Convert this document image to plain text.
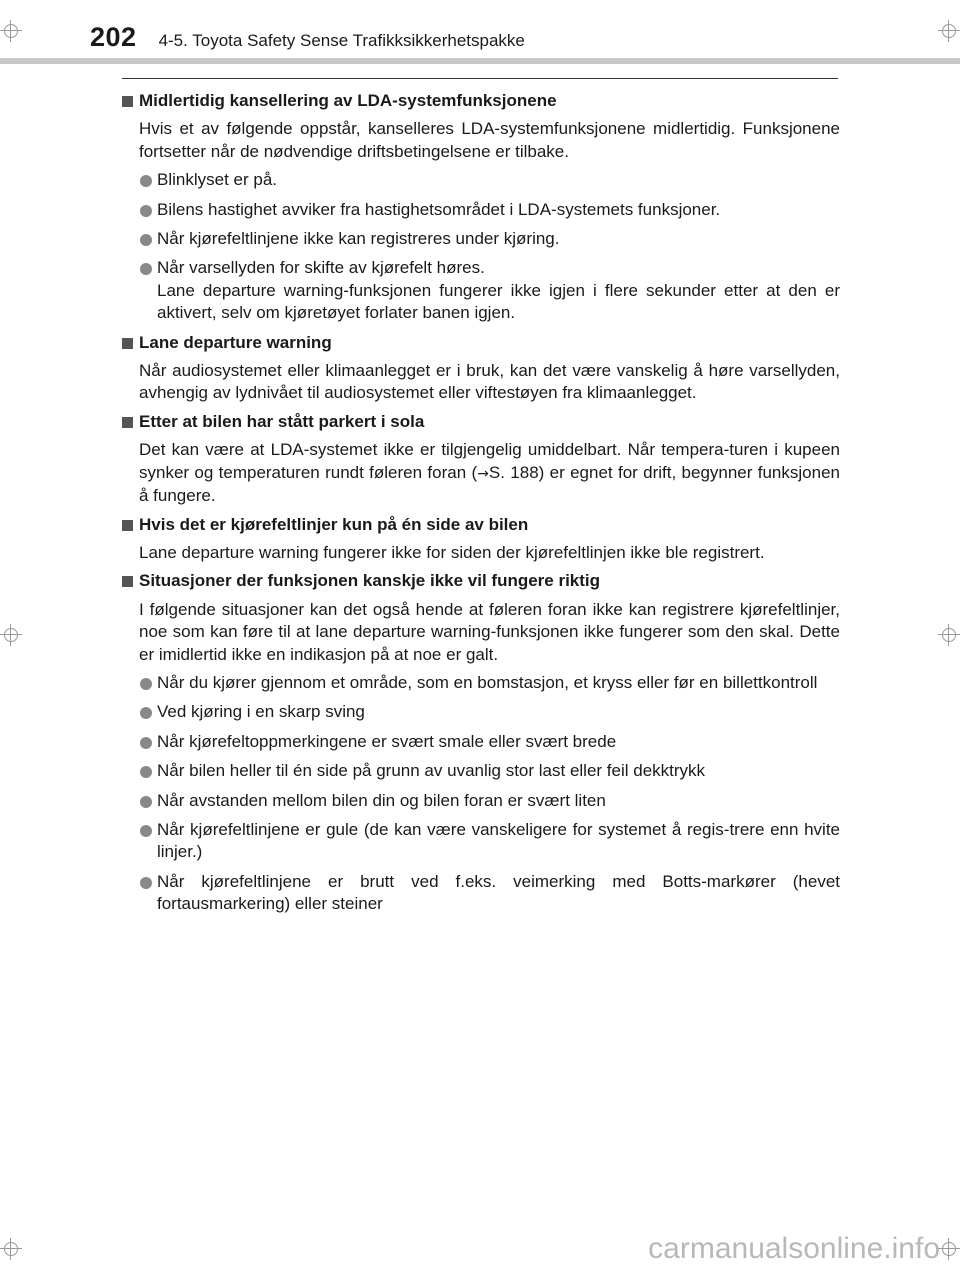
202 4-5. Toyota Safety Sense Trafikksikkerhetspakke
Midlertidig kansellering av LDA-systemfunksjonene
Hvis et av følgende oppstår, kanselleres LDA-systemfunksjonene midlertidig. Funksjonene fortsetter når de nødvendige driftsbetingelsene er tilbake.
Blinklyset er på.
Bilens hastighet avviker fra hastighetsområdet i LDA-systemets funksjoner.
Når kjørefeltlinjene ikke kan registreres under kjøring.
Når varsellyden for skifte av kjørefelt høres.
Lane departure warning-funksjonen fungerer ikke igjen i flere sekunder etter at den er aktivert, selv om kjøretøyet forlater banen igjen.
Lane departure warning
Når audiosystemet eller klimaanlegget er i bruk, kan det være vanskelig å høre varsellyden, avhengig av lydnivået til audiosystemet eller viftestøyen fra klimaanlegget.
Etter at bilen har stått parkert i sola
Det kan være at LDA-systemet ikke er tilgjengelig umiddelbart. Når tempera-turen i kupeen synker og temperaturen rundt føleren foran (→S. 188) er egnet for drift, begynner funksjonen å fungere.
Hvis det er kjørefeltlinjer kun på én side av bilen
Lane departure warning fungerer ikke for siden der kjørefeltlinjen ikke ble registrert.
Situasjoner der funksjonen kanskje ikke vil fungere riktig
I følgende situasjoner kan det også hende at føleren foran ikke kan registrere kjørefeltlinjer, noe som kan føre til at lane departure warning-funksjonen ikke fungerer som den skal. Dette er imidlertid ikke en indikasjon på at noe er galt.
Når du kjører gjennom et område, som en bomstasjon, et kryss eller før en billettkontroll
Ved kjøring i en skarp sving
Når kjørefeltoppmerkingene er svært smale eller svært brede
Når bilen heller til én side på grunn av uvanlig stor last eller feil dekktrykk
Når avstanden mellom bilen din og bilen foran er svært liten
Når kjørefeltlinjene er gule (de kan være vanskeligere for systemet å regis-trere enn hvite linjer.)
Når kjørefeltlinjene er brutt ved f.eks. veimerking med Botts-markører (hevet fortausmarkering) eller steiner
carmanualsonline.info
